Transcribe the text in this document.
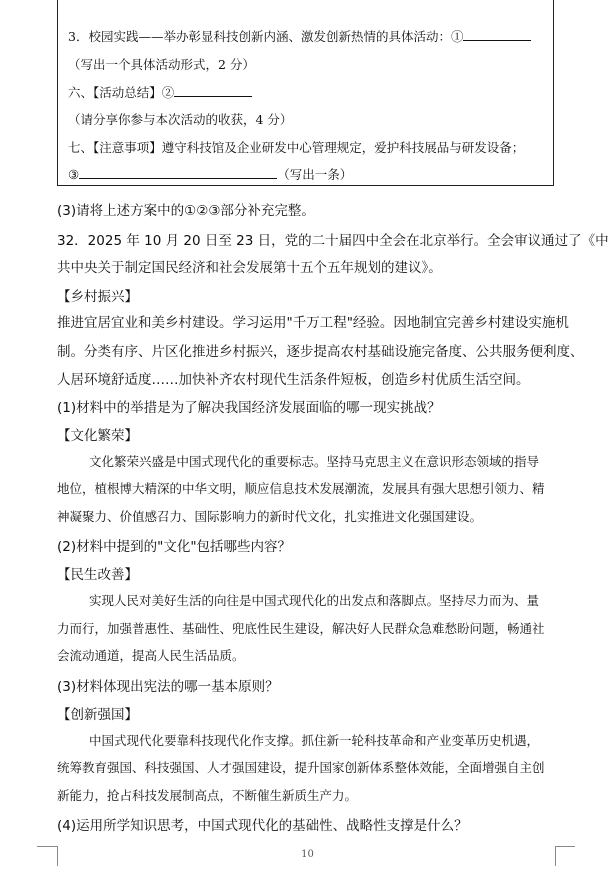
3．校园实践——举办彰显科技创新内涵、激发创新热情的具体活动：①
（写出一个具体活动形式，2 分）
六、【活动总结】②
（请分享你参与本次活动的收获，4 分）
七、【注意事项】遵守科技馆及企业研发中心管理规定，爱护科技展品与研发设备；
③	（写出一条）
(3)请将上述方案中的①②③部分补充完整。
32．2025 年 10 月 20 日至 23 日，党的二十届四中全会在北京举行。全会审议通过了《中
共中央关于制定国民经济和社会发展第十五个五年规划的建议》。
【乡村振兴】
推进宜居宜业和美乡村建设。学习运用"千万工程"经验。因地制宜完善乡村建设实施机
制。分类有序、片区化推进乡村振兴，逐步提高农村基础设施完备度、公共服务便利度、
人居环境舒适度……加快补齐农村现代生活条件短板，创造乡村优质生活空间。
(1)材料中的举措是为了解决我国经济发展面临的哪一现实挑战？
【文化繁荣】
文化繁荣兴盛是中国式现代化的重要标志。坚持马克思主义在意识形态领域的指导
地位，植根博大精深的中华文明，顺应信息技术发展潮流，发展具有强大思想引领力、精
神凝聚力、价值感召力、国际影响力的新时代文化，扎实推进文化强国建设。
(2)材料中提到的"文化"包括哪些内容？
【民生改善】
实现人民对美好生活的向往是中国式现代化的出发点和落脚点。坚持尽力而为、量
力而行，加强普惠性、基础性、兜底性民生建设，解决好人民群众急难愁盼问题，畅通社
会流动通道，提高人民生活品质。
(3)材料体现出宪法的哪一基本原则？
【创新强国】
中国式现代化要靠科技现代化作支撑。抓住新一轮科技革命和产业变革历史机遇，
统筹教育强国、科技强国、人才强国建设，提升国家创新体系整体效能，全面增强自主创
新能力，抢占科技发展制高点，不断催生新质生产力。
(4)运用所学知识思考，中国式现代化的基础性、战略性支撑是什么？
10
